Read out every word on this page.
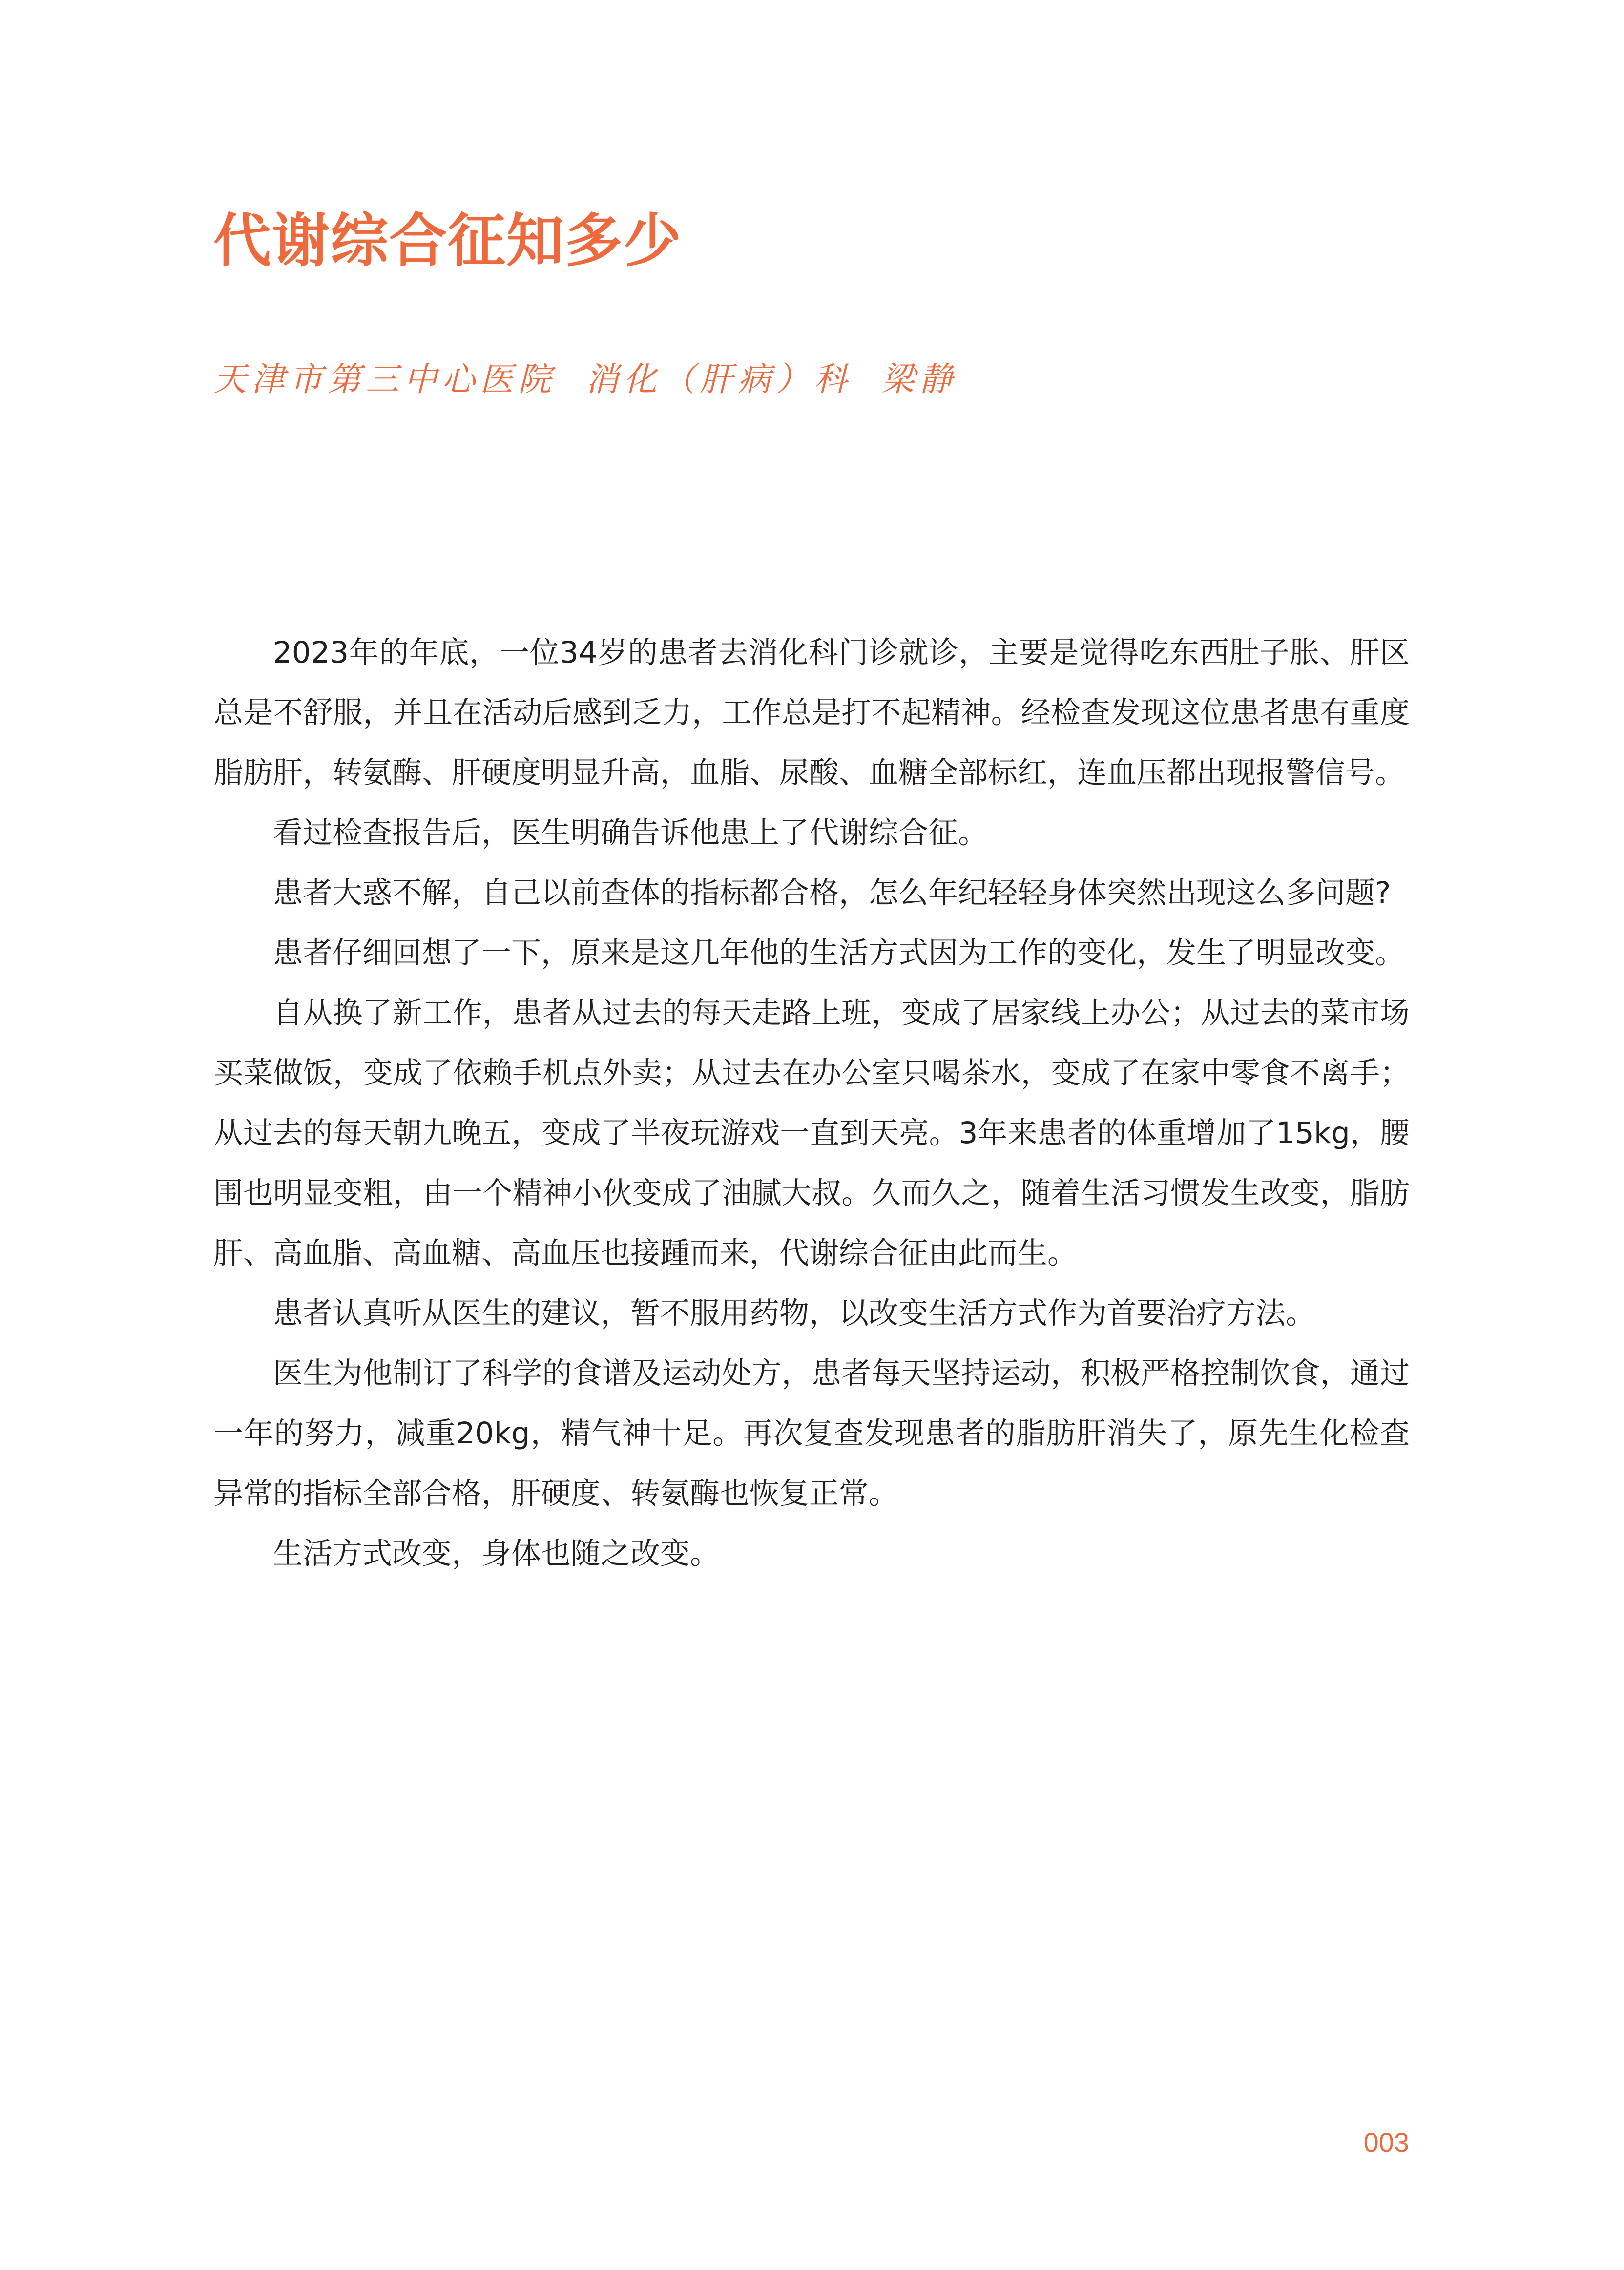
代谢综合征知多少
天津市第三中心医院 消化（肝病）科 梁静

2023年的年底，一位34岁的患者去消化科门诊就诊，主要是觉得吃东西肚子胀、肝区总是不舒服，并且在活动后感到乏力，工作总是打不起精神。经检查发现这位患者患有重度脂肪肝，转氨酶、肝硬度明显升高，血脂、尿酸、血糖全部标红，连血压都出现报警信号。

看过检查报告后，医生明确告诉他患上了代谢综合征。

患者大惑不解，自己以前查体的指标都合格，怎么年纪轻轻身体突然出现这么多问题?

患者仔细回想了一下，原来是这几年他的生活方式因为工作的变化，发生了明显改变。

自从换了新工作，患者从过去的每天走路上班，变成了居家线上办公；从过去的菜市场买菜做饭，变成了依赖手机点外卖；从过去在办公室只喝茶水，变成了在家中零食不离手；从过去的每天朝九晚五，变成了半夜玩游戏一直到天亮。3年来患者的体重增加了15kg，腰围也明显变粗，由一个精神小伙变成了油腻大叔。久而久之，随着生活习惯发生改变，脂肪肝、高血脂、高血糖、高血压也接踵而来，代谢综合征由此而生。

患者认真听从医生的建议，暂不服用药物，以改变生活方式作为首要治疗方法。

医生为他制订了科学的食谱及运动处方，患者每天坚持运动，积极严格控制饮食，通过一年的努力，减重20kg，精气神十足。再次复查发现患者的脂肪肝消失了，原先生化检查异常的指标全部合格，肝硬度、转氨酶也恢复正常。

生活方式改变，身体也随之改变。

003
